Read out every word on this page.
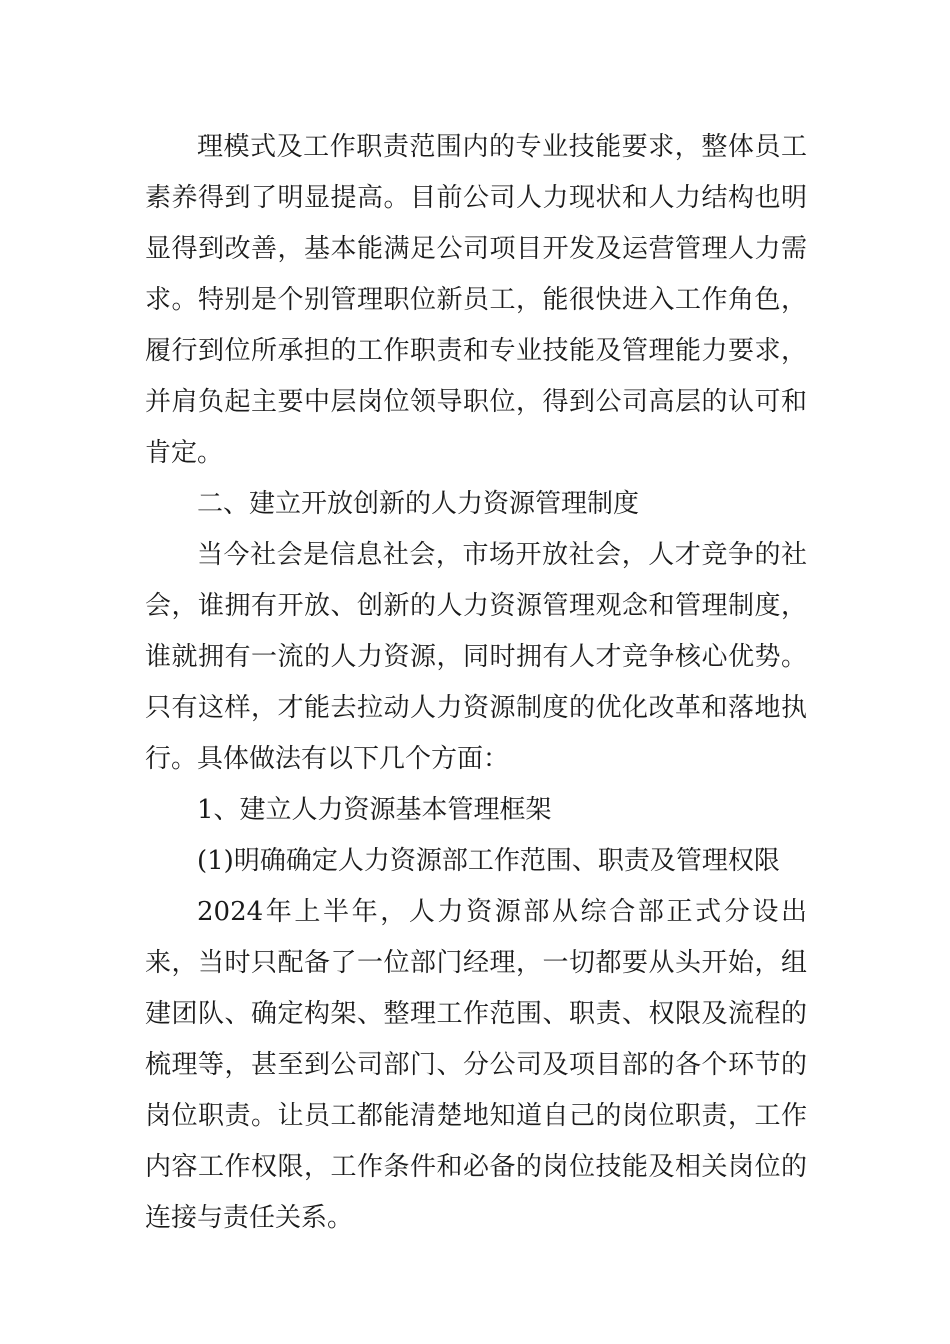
理模式及工作职责范围内的专业技能要求，整体员工素养得到了明显提高。目前公司人力现状和人力结构也明显得到改善，基本能满足公司项目开发及运营管理人力需求。特别是个别管理职位新员工，能很快进入工作角色，履行到位所承担的工作职责和专业技能及管理能力要求，并肩负起主要中层岗位领导职位，得到公司高层的认可和肯定。

二、建立开放创新的人力资源管理制度

当今社会是信息社会，市场开放社会，人才竞争的社会，谁拥有开放、创新的人力资源管理观念和管理制度，谁就拥有一流的人力资源，同时拥有人才竞争核心优势。只有这样，才能去拉动人力资源制度的优化改革和落地执行。具体做法有以下几个方面：

1、建立人力资源基本管理框架

(1)明确确定人力资源部工作范围、职责及管理权限

2024年上半年，人力资源部从综合部正式分设出来，当时只配备了一位部门经理，一切都要从头开始，组建团队、确定构架、整理工作范围、职责、权限及流程的梳理等，甚至到公司部门、分公司及项目部的各个环节的岗位职责。让员工都能清楚地知道自己的岗位职责，工作内容工作权限，工作条件和必备的岗位技能及相关岗位的连接与责任关系。
